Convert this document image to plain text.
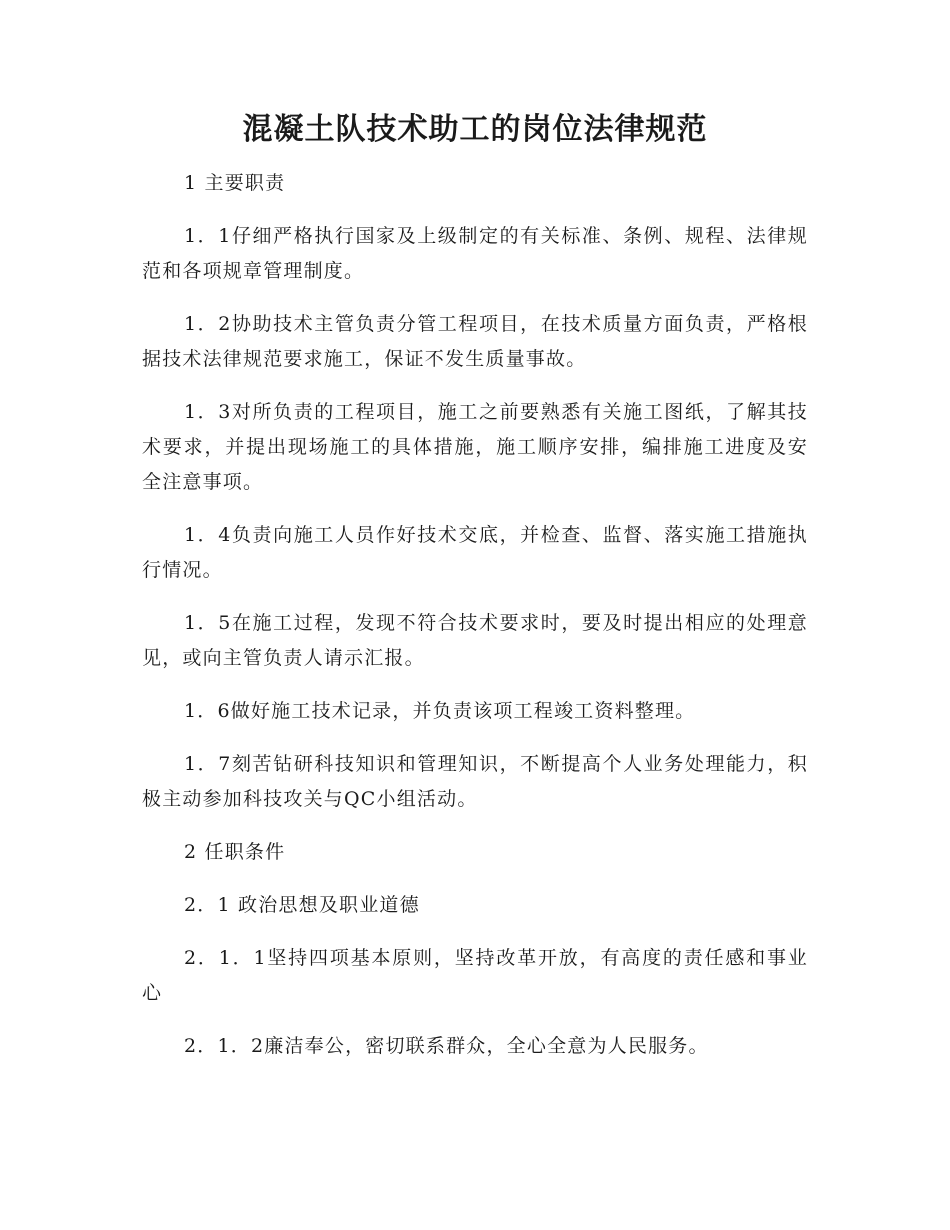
混凝土队技术助工的岗位法律规范

1 主要职责

1．1仔细严格执行国家及上级制定的有关标准、条例、规程、法律规范和各项规章管理制度。

1．2协助技术主管负责分管工程项目，在技术质量方面负责，严格根据技术法律规范要求施工，保证不发生质量事故。

1．3对所负责的工程项目，施工之前要熟悉有关施工图纸，了解其技术要求，并提出现场施工的具体措施，施工顺序安排，编排施工进度及安全注意事项。

1．4负责向施工人员作好技术交底，并检查、监督、落实施工措施执行情况。

1．5在施工过程，发现不符合技术要求时，要及时提出相应的处理意见，或向主管负责人请示汇报。

1．6做好施工技术记录，并负责该项工程竣工资料整理。

1．7刻苦钻研科技知识和管理知识，不断提高个人业务处理能力，积极主动参加科技攻关与QC小组活动。

2 任职条件

2．1 政治思想及职业道德

2．1．1坚持四项基本原则，坚持改革开放，有高度的责任感和事业心

2．1．2廉洁奉公，密切联系群众，全心全意为人民服务。
